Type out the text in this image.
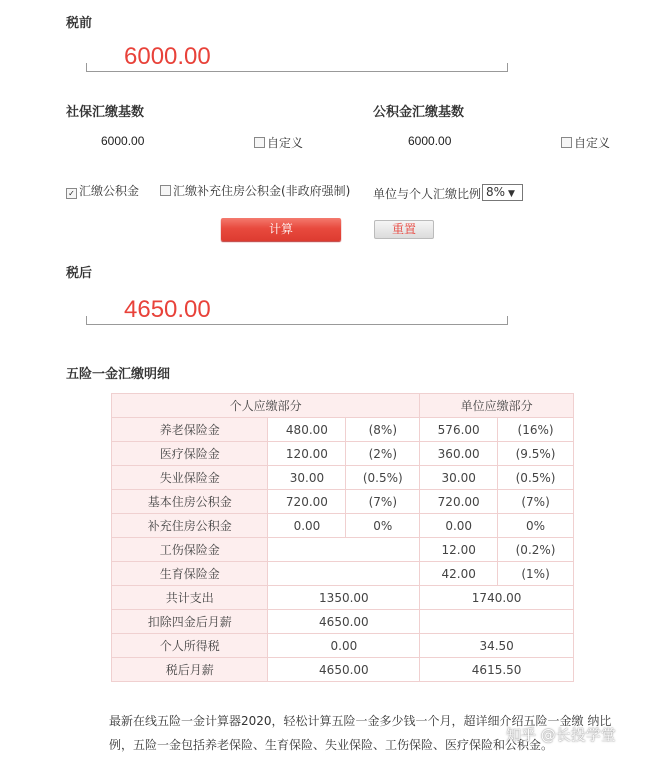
税前
6000.00
社保汇缴基数
6000.00	自定义
公积金汇缴基数
6000.00	自定义
✓ 汇缴公积金	汇缴补充住房公积金(非政府强制) 单位与个人汇缴比例 8% ▼
计算	重置
税后
4650.00
五险一金汇缴明细
个人应缴部分			单位应缴部分	
养老保险金	480.00	(8%)	576.00	(16%)
医疗保险金	120.00	(2%)	360.00	(9.5%)
失业保险金	30.00	(0.5%)	30.00	(0.5%)
基本住房公积金	720.00	(7%)	720.00	(7%)
补充住房公积金	0.00	0%	0.00	0%
工伤保险金			12.00	(0.2%)
生育保险金			42.00	(1%)
共计支出	1350.00		1740.00	
扣除四金后月薪	4650.00			
个人所得税	0.00		34.50	
税后月薪	4650.00		4615.50	
最新在线五险一金计算器2020，轻松计算五险一金多少钱一个月，超详细介绍五险一金缴 纳比
例，五险一金包括养老保险、生育保险、失业保险、工伤保险、医疗保险和公积金。
知乎 @长投学堂
